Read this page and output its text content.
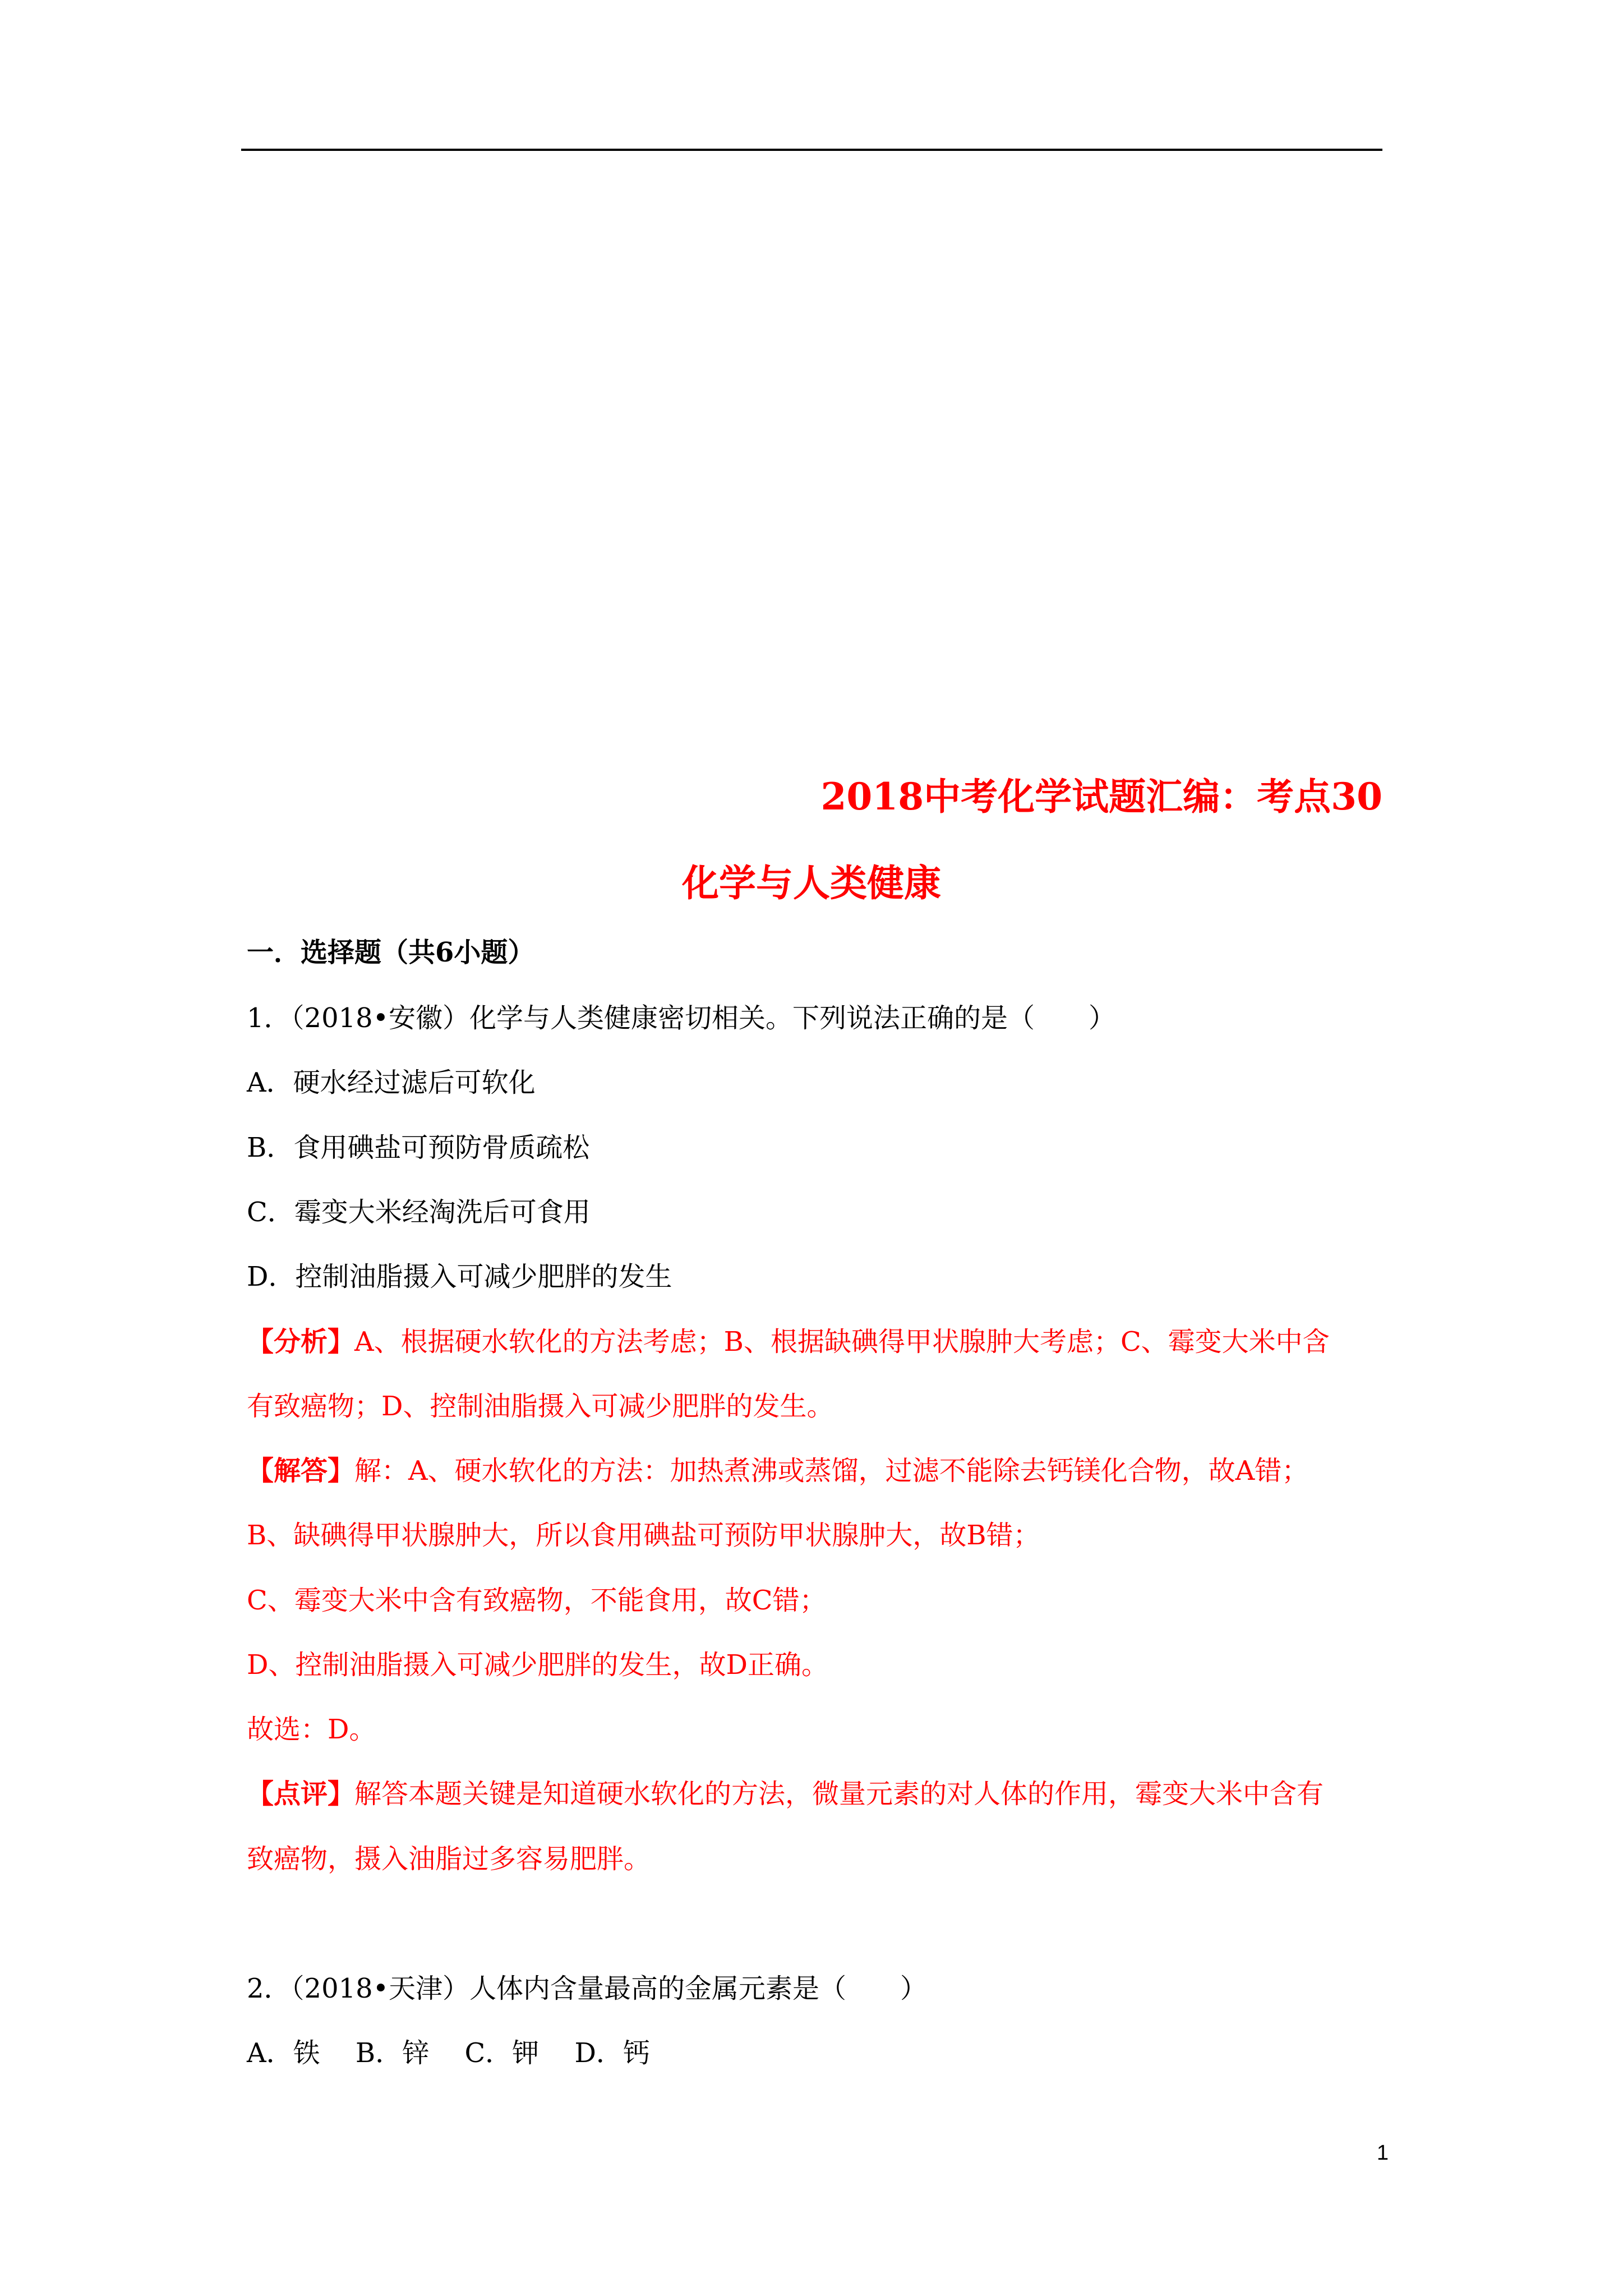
2018中考化学试题汇编：考点30
化学与人类健康
一．选择题（共6小题）
1．（2018•安徽）化学与人类健康密切相关。下列说法正确的是（　　）
A．硬水经过滤后可软化
B．食用碘盐可预防骨质疏松
C．霉变大米经淘洗后可食用
D．控制油脂摄入可减少肥胖的发生
【分析】A、根据硬水软化的方法考虑；B、根据缺碘得甲状腺肿大考虑；C、霉变大米中含
有致癌物；D、控制油脂摄入可减少肥胖的发生。
【解答】解：A、硬水软化的方法：加热煮沸或蒸馏，过滤不能除去钙镁化合物，故A错；
B、缺碘得甲状腺肿大，所以食用碘盐可预防甲状腺肿大，故B错；
C、霉变大米中含有致癌物，不能食用，故C错；
D、控制油脂摄入可减少肥胖的发生，故D正确。
故选：D。
【点评】解答本题关键是知道硬水软化的方法，微量元素的对人体的作用，霉变大米中含有
致癌物，摄入油脂过多容易肥胖。
2．（2018•天津）人体内含量最高的金属元素是（　　）
A．铁　 B．锌　 C．钾　 D．钙
1
